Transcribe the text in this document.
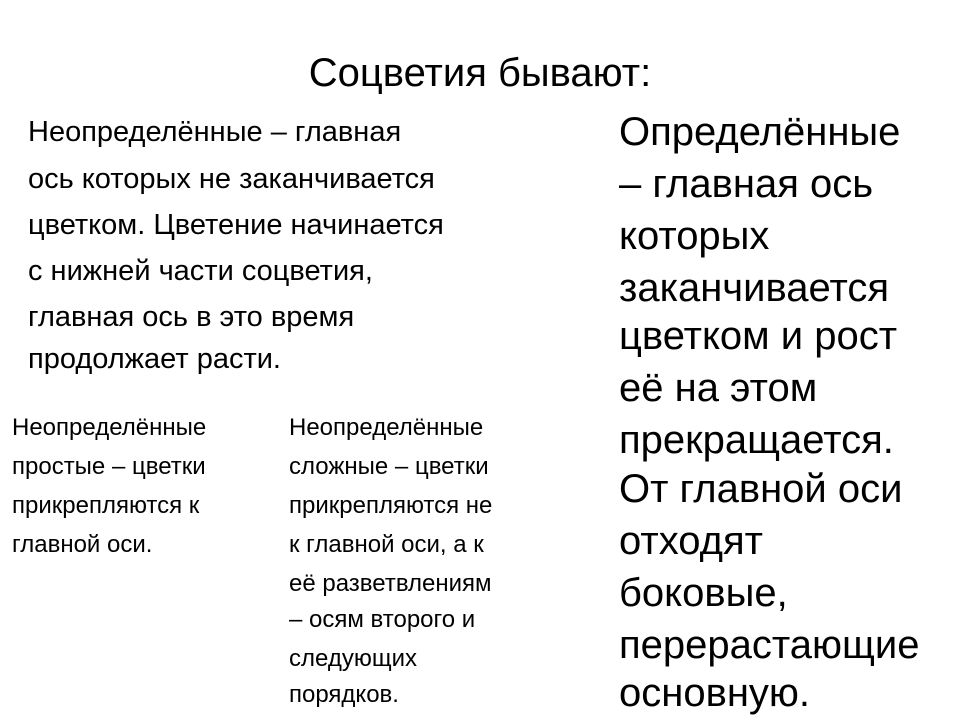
Соцветия бывают:
Неопределённые – главная
ось которых не заканчивается
цветком. Цветение начинается
с нижней части соцветия,
главная ось в это время
продолжает расти.
Определённые
– главная ось
которых
заканчивается
цветком и рост
её на этом
прекращается.
От главной оси
отходят
боковые,
перерастающие
основную.
Неопределённые
простые – цветки
прикрепляются к
главной оси.
Неопределённые
сложные – цветки
прикрепляются не
к главной оси, а к
её разветвлениям
– осям второго и
следующих
порядков.
